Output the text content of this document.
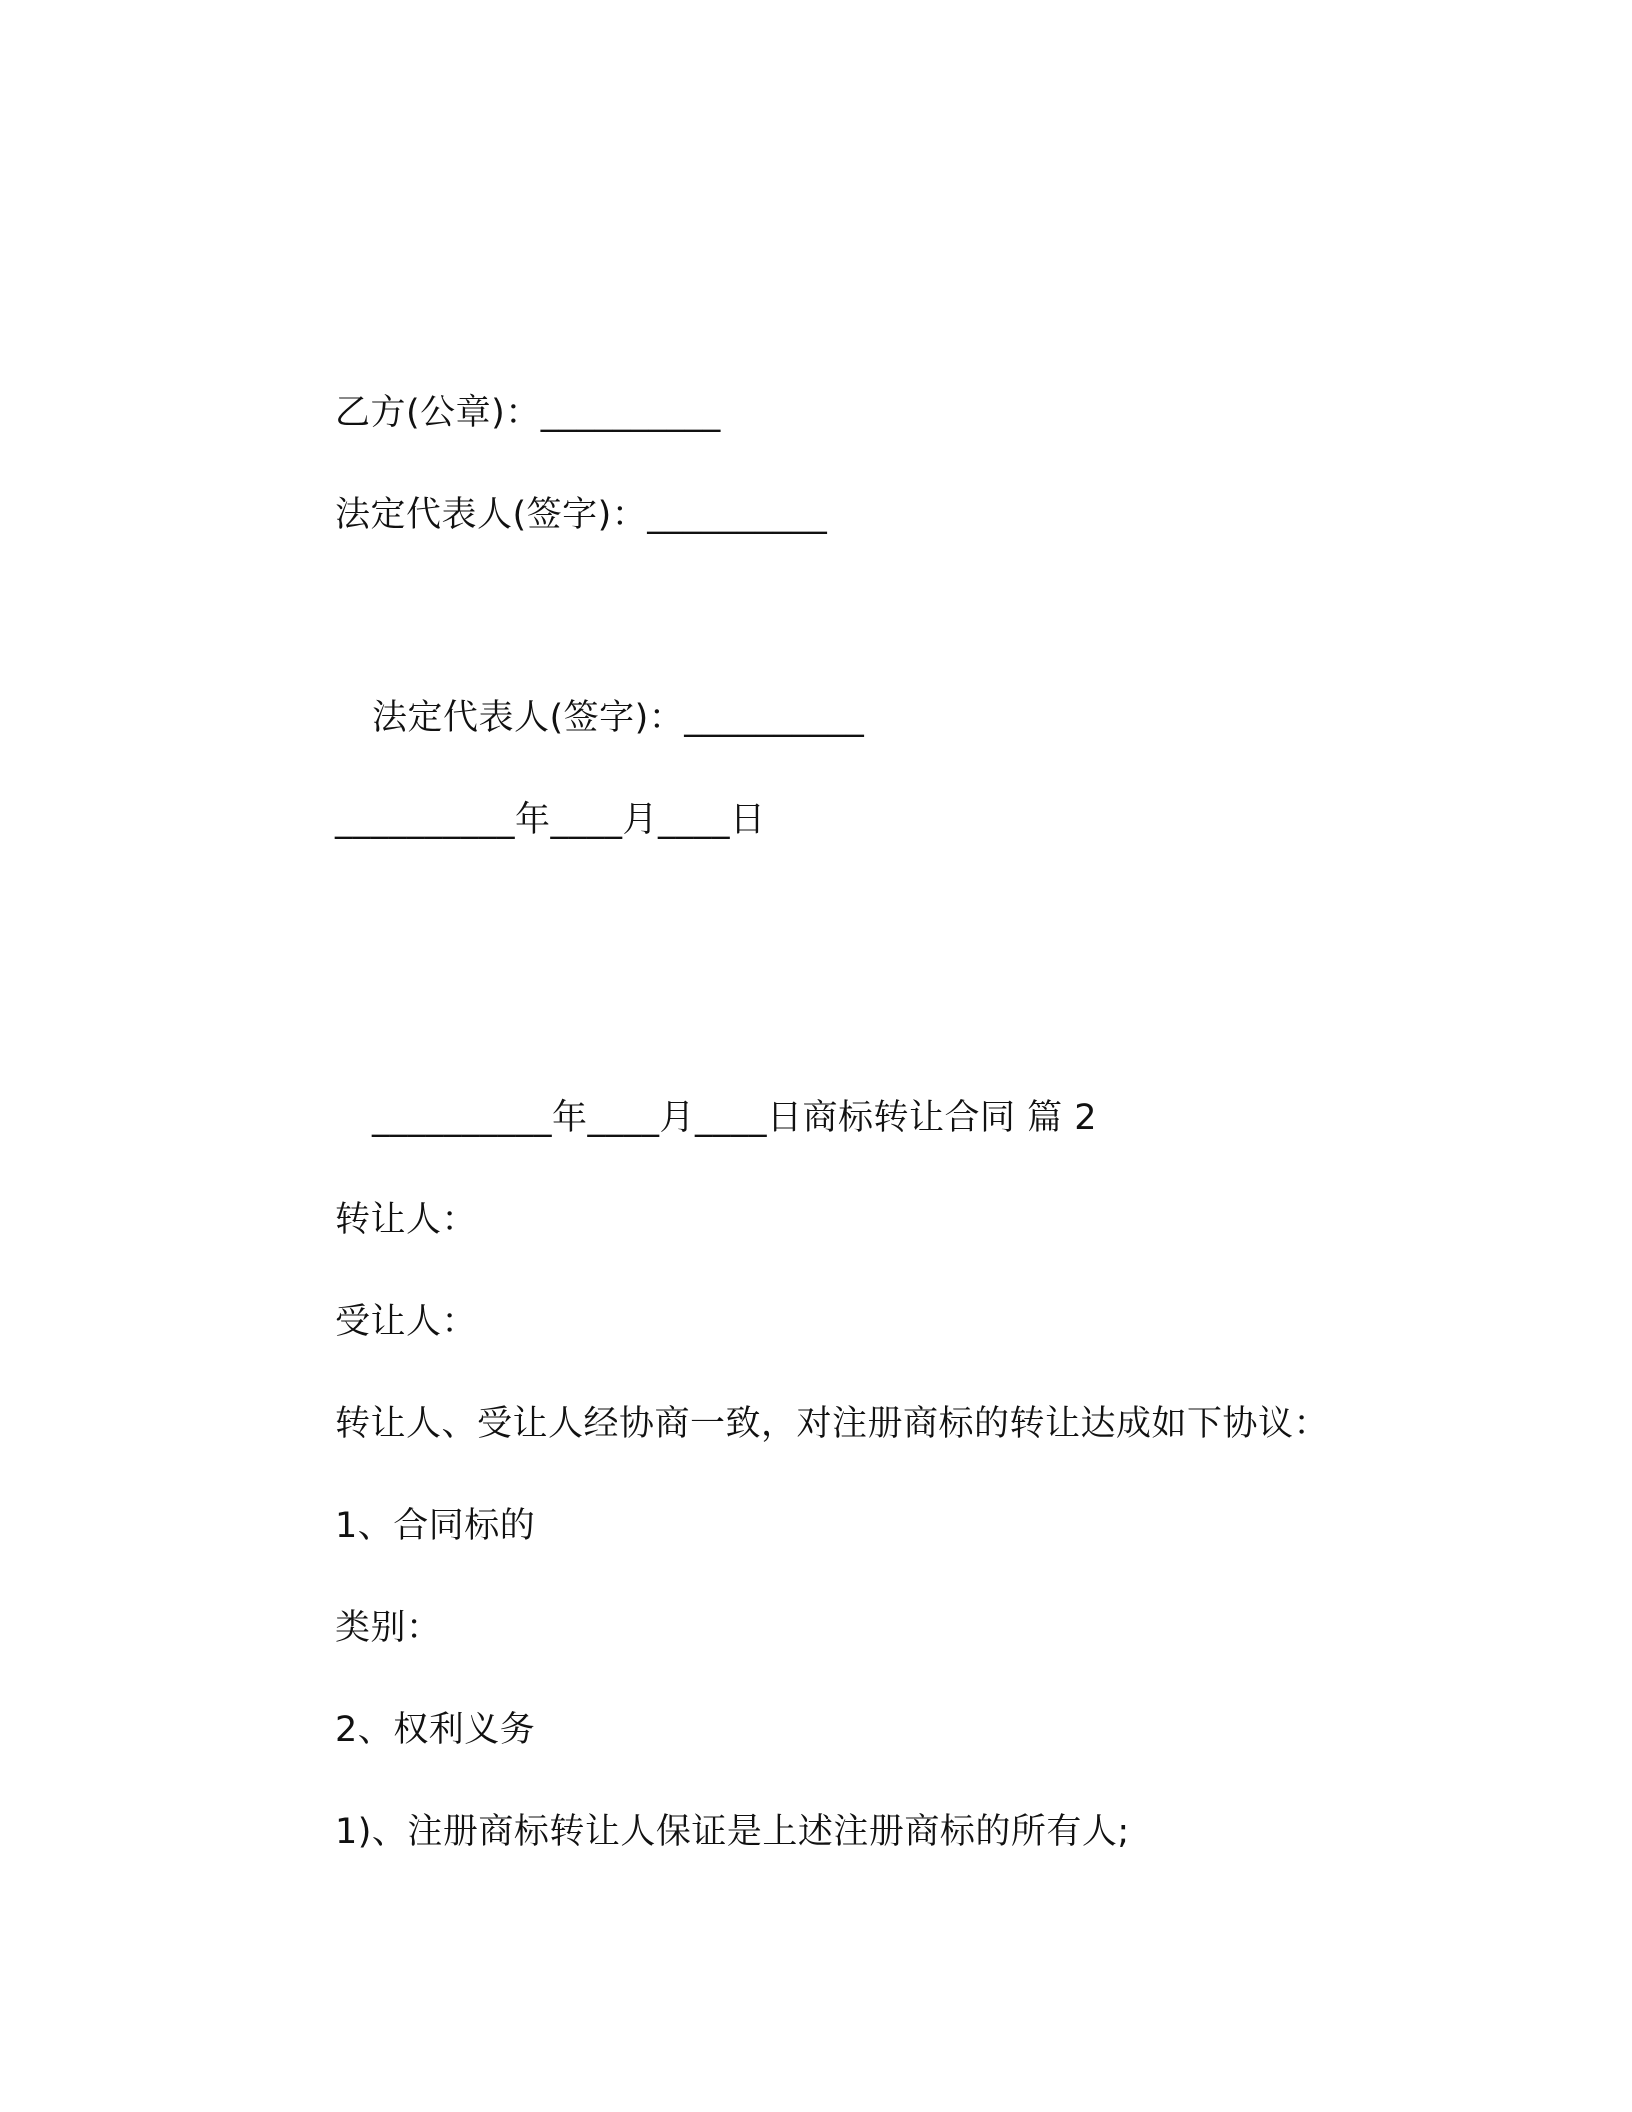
乙方(公章)：__________
法定代表人(签字)：__________
法定代表人(签字)：__________
__________年____月____日
__________年____月____日商标转让合同 篇 2
转让人：
受让人：
转让人、受让人经协商一致，对注册商标的转让达成如下协议：
1、合同标的
类别：
2、权利义务
1)、注册商标转让人保证是上述注册商标的所有人;
